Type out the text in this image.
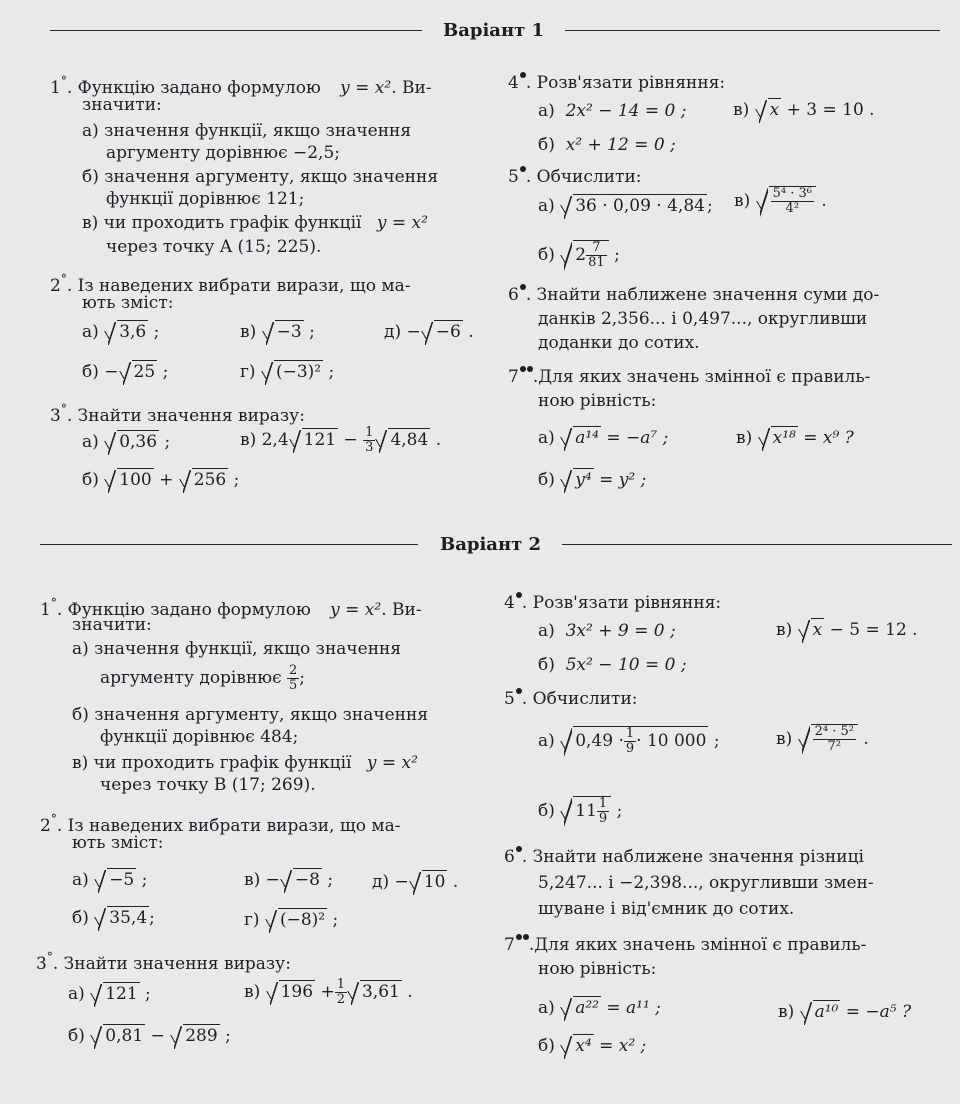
Варіант 1
1°. Функцію задано формулою y = x². Ви-
значити:
а) значення функції, якщо значення
аргументу дорівнює −2,5;
б) значення аргументу, якщо значення
функції дорівнює 121;
в) чи проходить графік функції y = x²
через точку A (15; 225).
2°. Із наведених вибрати вирази, що ма-
ють зміст:
а) 3,6 ;	в) −3 ;	д) − −6 .
б) − 25 ;	г) (−3)² ;
3°. Знайти значення виразу:
а) 0,36 ;	в) 2,4 $121 - \frac{1}{3} 4,84$ .
б) 100 + 256 ;
4 . Розв'язати рівняння:
а) 2x² − 14 = 0 ;	в) x + 3 = 10 .
б) x² + 12 = 0 ;
5 . Обчислити:
а) 36 · 0,09 · 4,84 ; $в) \frac{\text{5⁴ · 3⁶}}{\text{4²}}$ .
б) $2 \frac{7}{81}$ ;
6 . Знайти наближене значення суми до-
данків 2,356... і 0,497..., округливши
доданки до сотих.
7 .Для яких значень змінної є правиль-
ною рівність:
а) a¹⁴ = −a⁷ ;	в) x¹⁸ = x⁹ ?
б) y⁴ = y² ;
Варіант 2
1°. Функцію задано формулою y = x². Ви-
значити:
а) значення функції, якщо значення
аргументу дорівнює $\frac{2}{5}$ ;
б) значення аргументу, якщо значення
функції дорівнює 484;
в) чи проходить графік функції y = x²
через точку B (17; 269).
2°. Із наведених вибрати вирази, що ма-
ють зміст:
а) −5 ;	в) − −8 ; д) − 10 .
б) 35,4 ;	г) (−8)² ;
3°. Знайти значення виразу:
а) 121 ;	в) $196 + \frac{1}{2} 3,61$ .
б) 0,81 − 289 ;
4 . Розв'язати рівняння:
а) 3x² + 9 = 0 ;	в) x − 5 = 12 .
б) 5x² − 10 = 0 ;
5 . Обчислити:
а) $0,49 \cdot \frac{1}{9} \cdot 10$ 000 ;	$в) \frac{\text{2⁴ · 5²}}{\text{7²}}$ .
б) $11 \frac{1}{9}$ ;
6 . Знайти наближене значення різниці
5,247... і −2,398..., округливши змен-
шуване і від'ємник до сотих.
7 .Для яких значень змінної є правиль-
ною рівність:
а) a²² = a¹¹ ;	в) a¹⁰ = −a⁵ ?
б) x⁴ = x² ;
